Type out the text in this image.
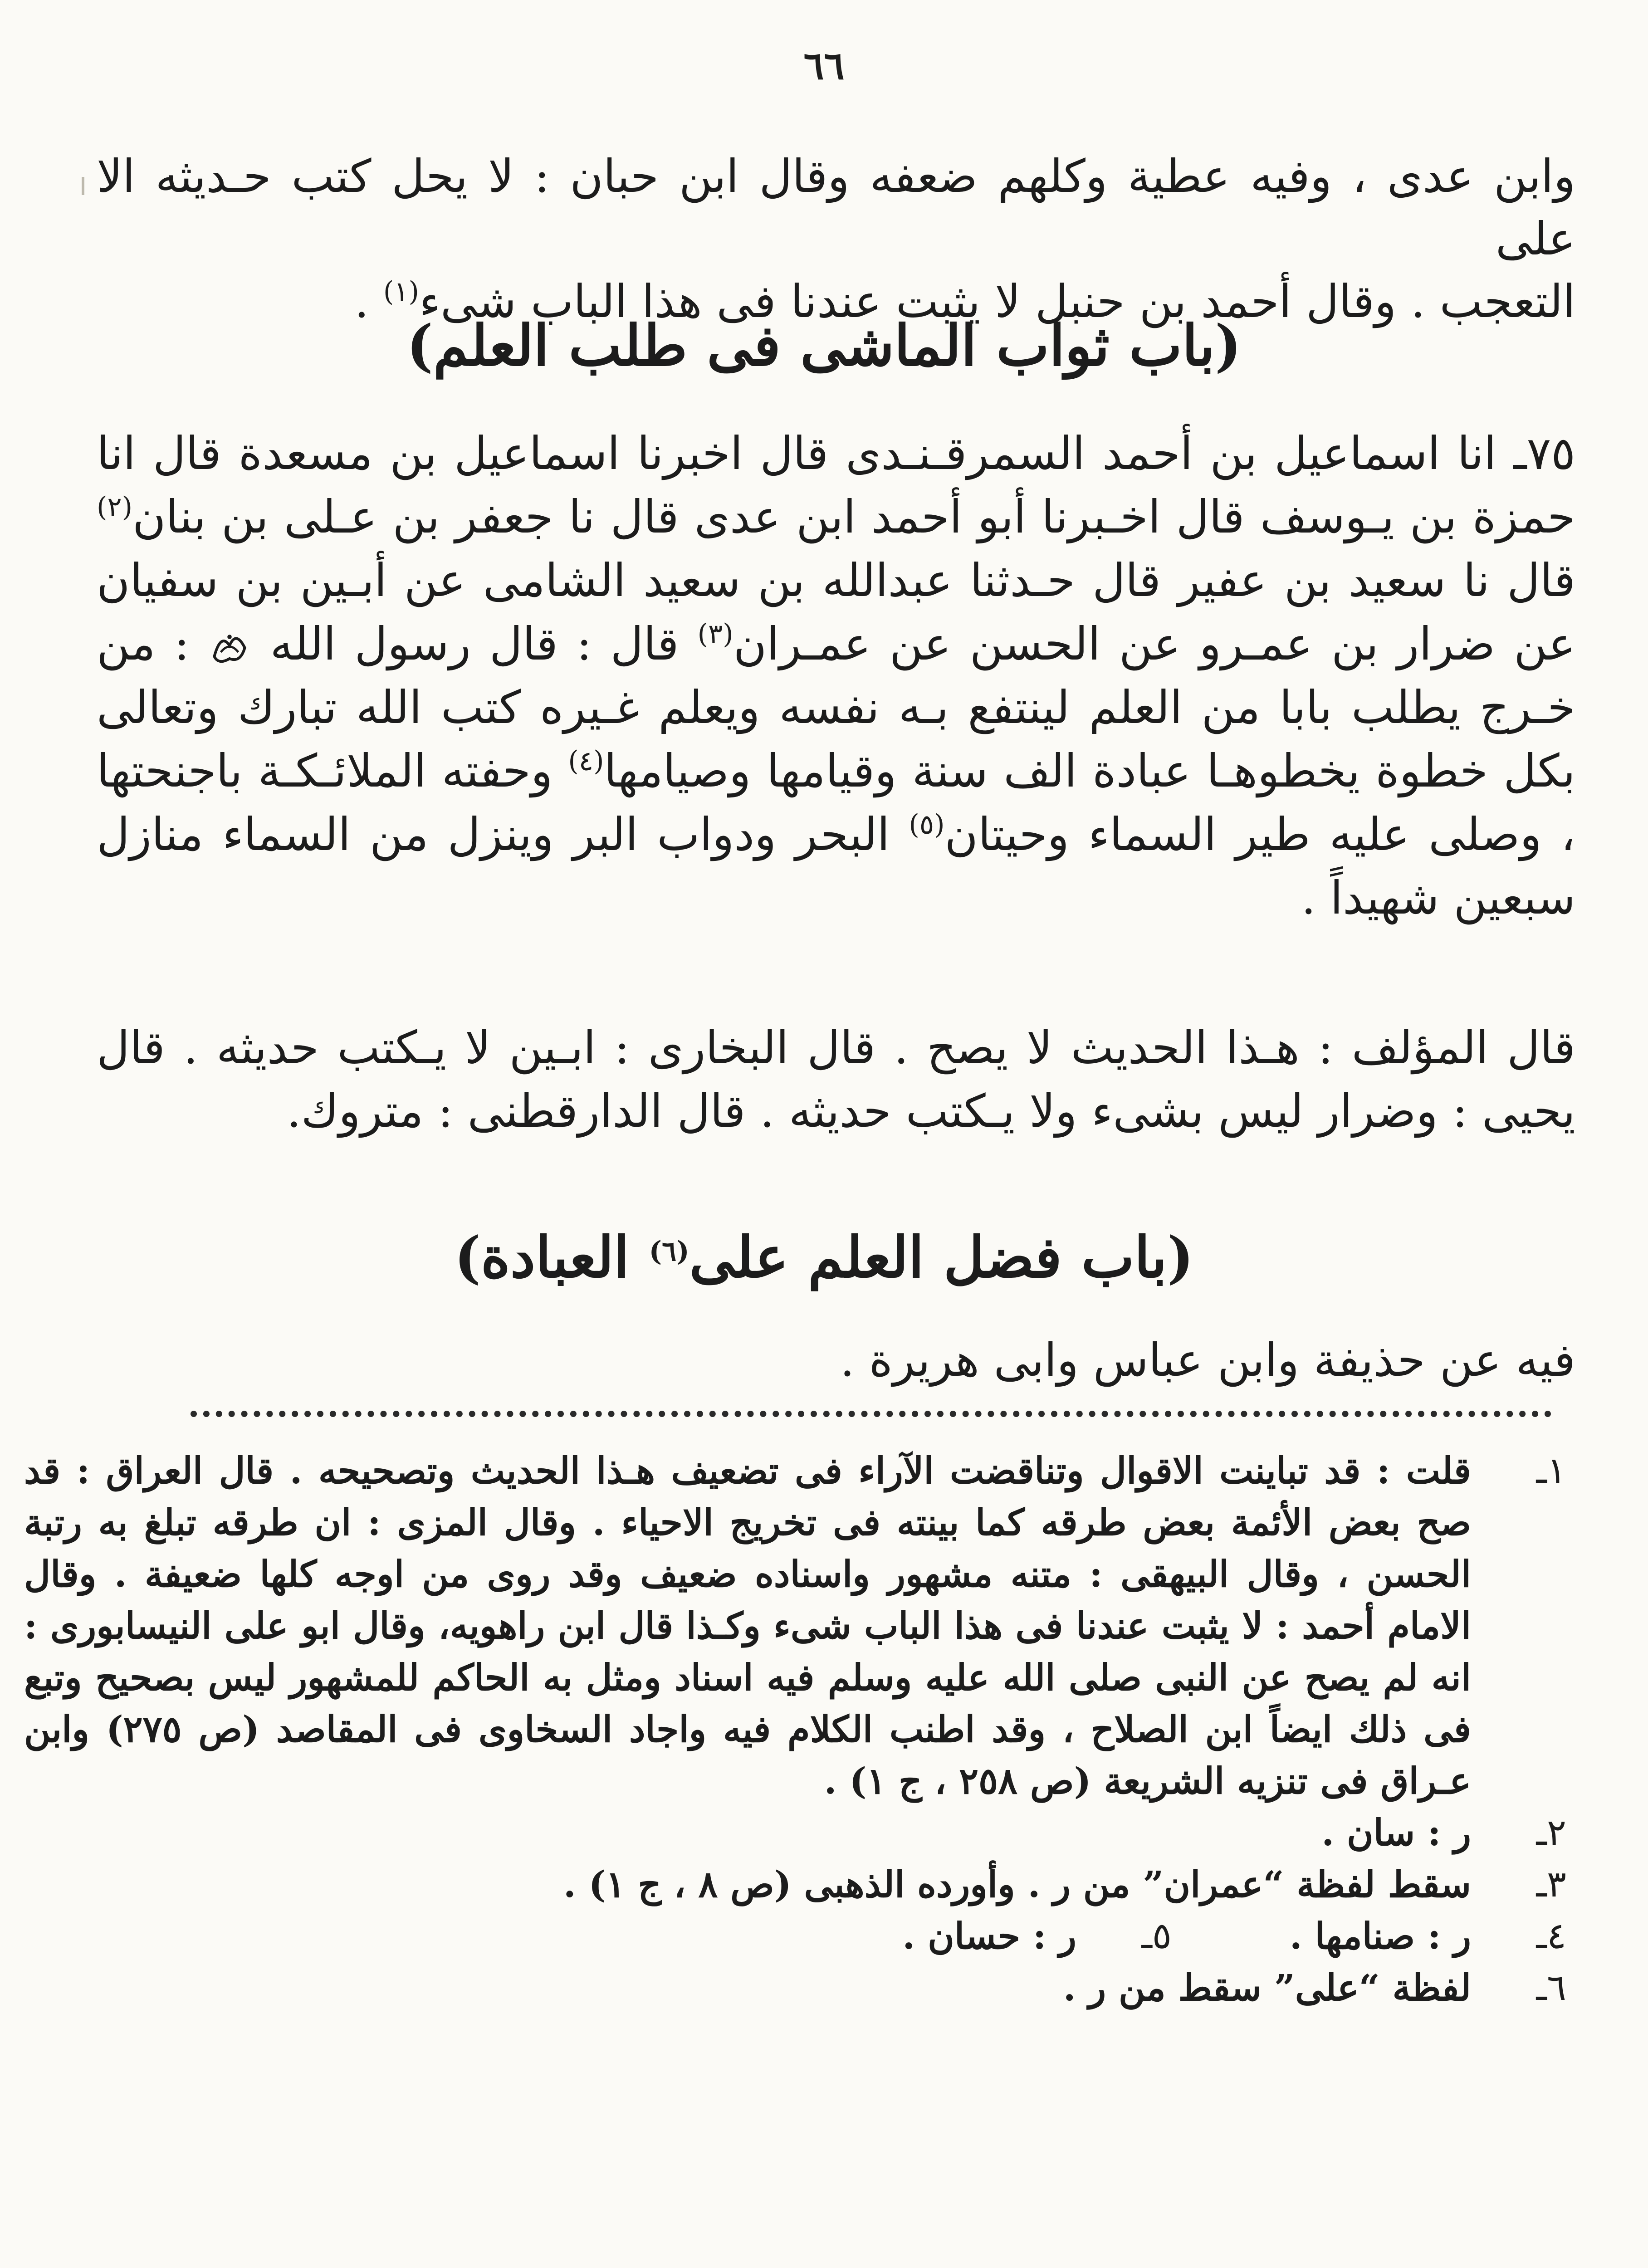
٦٦

وابن عدى ، وفيه عطية وكلهم ضعفه وقال ابن حبان : لا يحل كتب حـديثه الا على

التعجب . وقال أحمد بن حنبل لا يثبت عندنا فى هذا الباب شىء$^{(١)}$ .

(باب ثواب الماشى فى طلب العلم)

٧٥ـ انا اسماعيل بن أحمد السمرقـنـدى قال اخبرنا اسماعيل بن مسعدة قال انا حمزة بن يـوسف قال اخـبرنا أبو أحمد ابن عدى قال نا جعفر بن عـلى بن بنان$^{(٢)}$ قال نا سعيد بن عفير قال حـدثنا عبدالله بن سعيد الشامى عن أبـين بن سفيان عن ضرار بن عمـرو عن الحسن عن عمـران$^{(٣)}$ قال : قال رسول الله  : من خـرج يطلب بابا من العلم لينتفع بـه نفسه ويعلم غـيره كتب الله تبارك وتعالى بكل خطوة يخطوهـا عبادة الف سنة وقيامها وصيامها$^{(٤)}$ وحفته الملائـكـة باجنحتها ، وصلى عليه طير السماء وحيتان$^{(٥)}$ البحر ودواب البر وينزل من السماء منازل سبعين شهيداً .

قال المؤلف : هـذا الحديث لا يصح . قال البخارى : ابـين لا يـكتب حديثه . قال يحيى : وضرار ليس بشىء ولا يـكتب حديثه . قال الدارقطنى : متروك.

(باب فضل العلم على$^{(٦)}$ العبادة)

فيه عن حذيفة وابن عباس وابى هريرة .

١ـ
قلت : قد تباينت الاقوال وتناقضت الآراء فى تضعيف هـذا الحديث وتصحيحه . قال العراق : قد صح بعض الأئمة بعض طرقه كما بينته فى تخريج الاحياء . وقال المزى : ان طرقه تبلغ به رتبة الحسن ، وقال البيهقى : متنه مشهور واسناده ضعيف وقد روى من اوجه كلها ضعيفة . وقال الامام أحمد : لا يثبت عندنا فى هذا الباب شىء وكـذا قال ابن راهويه، وقال ابو على النيسابورى : انه لم يصح عن النبى صلى الله عليه وسلم فيه اسناد ومثل به الحاكم للمشهور ليس بصحيح وتبع فى ذلك ايضاً ابن الصلاح ، وقد اطنب الكلام فيه واجاد السخاوى فى المقاصد (ص ٢٧٥) وابن عـراق فى تنزيه الشريعة (ص ٢٥٨ ، ج ١) .
٢ـ
ر : سان .
٣ـ
سقط لفظة “عمران” من ر . وأورده الذهبى (ص ٨ ، ج ١) .
٤ـ
ر : صنامها .
٥ـ
ر : حسان .
٦ـ
لفظة “على” سقط من ر .
